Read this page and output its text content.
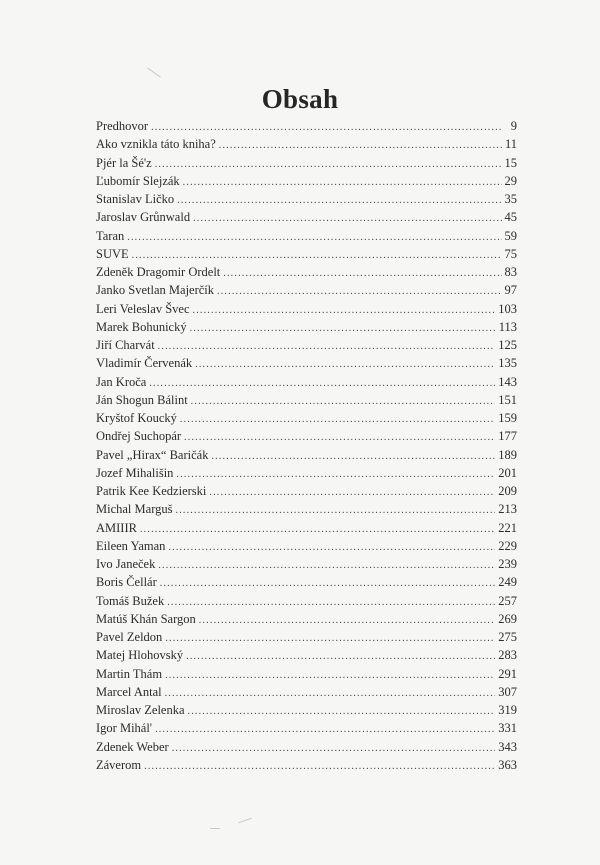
Obsah
Predhovor .....	9
Ako vznikla táto kniha? .....	11
Pjér la Šé'z .....	15
Ľubomír Slejzák .....	29
Stanislav Ličko .....	35
Jaroslav Grůnwald .....	45
Taran .....	59
SUVE .....	75
Zdeněk Dragomir Ordelt .....	83
Janko Svetlan Majerčík .....	97
Leri Veleslav Švec .....	103
Marek Bohunický .....	113
Jiří Charvát .....	125
Vladimír Červenák .....	135
Jan Kroča .....	143
Ján Shogun Bálint .....	151
Kryštof Koucký .....	159
Ondřej Suchopár .....	177
Pavel „Hirax“ Baričák .....	189
Jozef Mihališin .....	201
Patrik Kee Kedzierski .....	209
Michal Marguš .....	213
AMIIIR .....	221
Eileen Yaman .....	229
Ivo Janeček .....	239
Boris Čellár .....	249
Tomáš Bužek .....	257
Matúš Khán Sargon .....	269
Pavel Zeldon .....	275
Matej Hlohovský .....	283
Martin Thám .....	291
Marcel Antal .....	307
Miroslav Zelenka .....	319
Igor Mihál' .....	331
Zdenek Weber .....	343
Záverom .....	363
